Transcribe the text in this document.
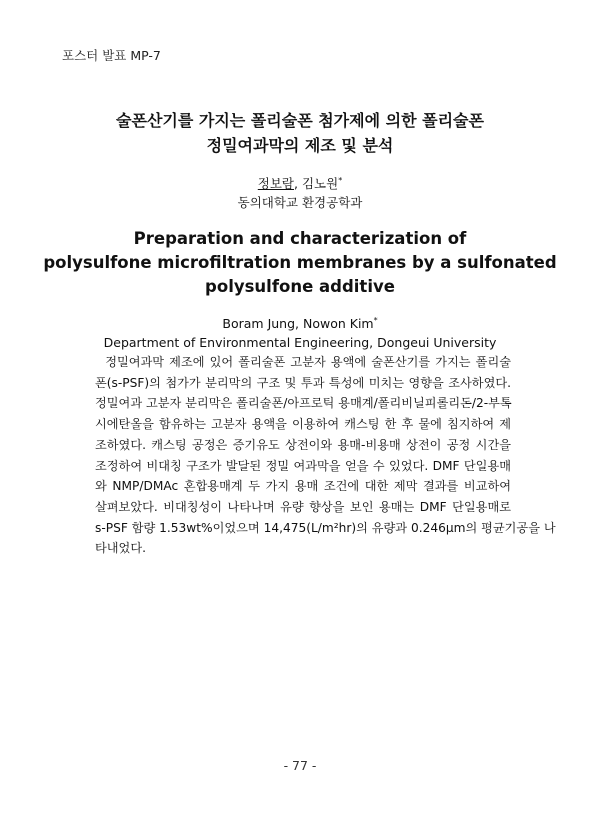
포스터 발표 MP-7
술폰산기를 가지는 폴리술폰 첨가제에 의한 폴리술폰
정밀여과막의 제조 및 분석
정보람, 김노원*
동의대학교 환경공학과
Preparation and characterization of
polysulfone microfiltration membranes by a sulfonated
polysulfone additive
Boram Jung, Nowon Kim*
Department of Environmental Engineering, Dongeui University
정밀여과막 제조에 있어 폴리술폰 고분자 용액에 술폰산기를 가지는 폴리술
폰(s-PSF)의 첨가가 분리막의 구조 및 투과 특성에 미치는 영향을 조사하였다.
정밀여과 고분자 분리막은 폴리술폰/아프로틱 용매계/폴리비닐피롤리돈/2-부톡
시에탄올을 함유하는 고분자 용액을 이용하여 캐스팅 한 후 물에 침지하여 제
조하였다. 캐스팅 공정은 증기유도 상전이와 용매-비용매 상전이 공정 시간을
조정하여 비대칭 구조가 발달된 정밀 여과막을 얻을 수 있었다. DMF 단일용매
와 NMP/DMAc 혼합용매계 두 가지 용매 조건에 대한 제막 결과를 비교하여
살펴보았다. 비대칭성이 나타나며 유량 향상을 보인 용매는 DMF 단일용매로
s-PSF 함량 1.53wt%이었으며 14,475(L/m²hr)의 유량과 0.246μm의 평균기공을 나
타내었다.
- 77 -
